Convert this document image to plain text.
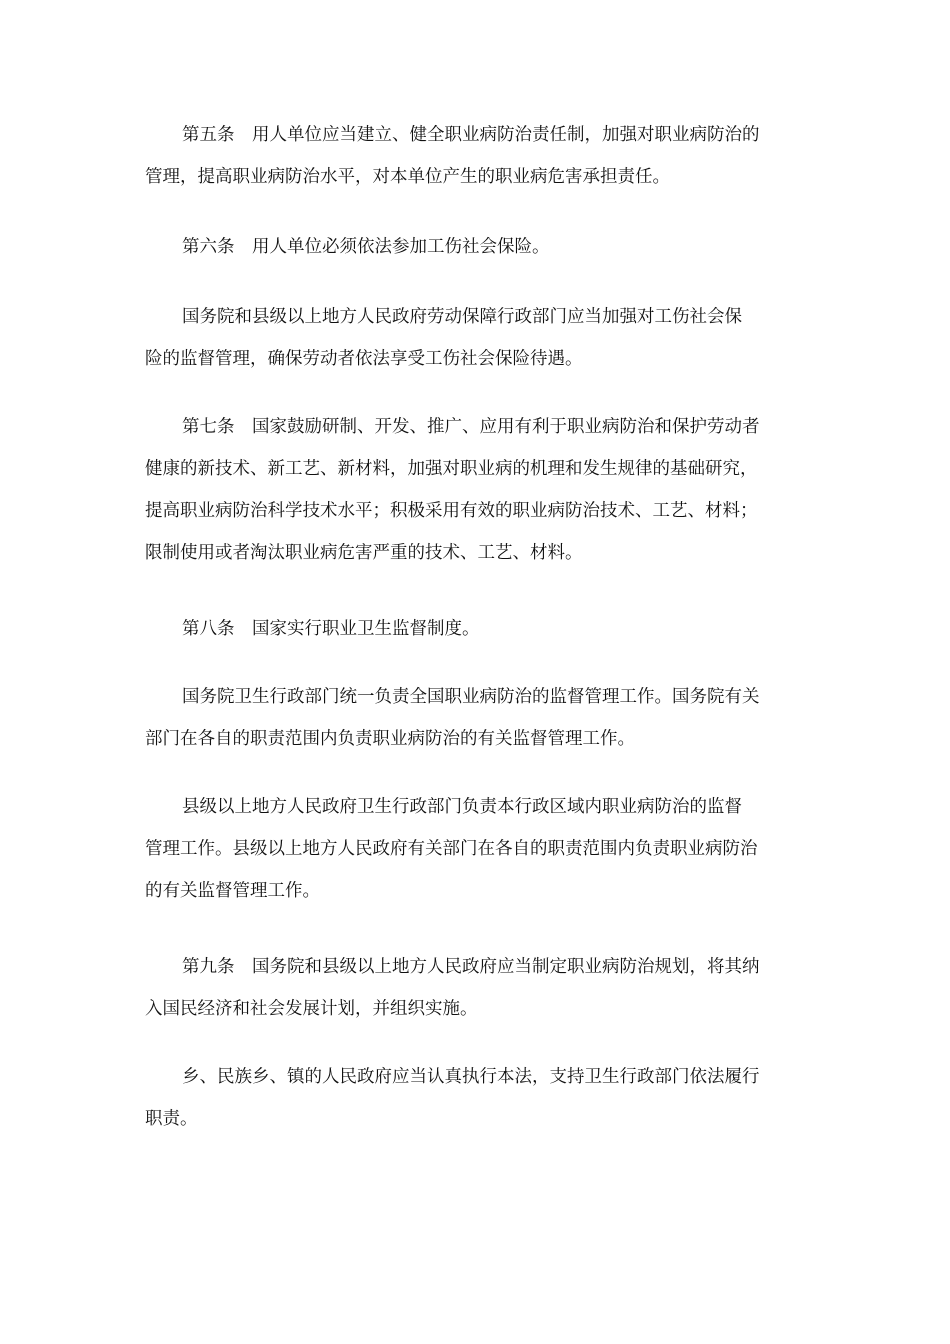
第五条　用人单位应当建立、健全职业病防治责任制，加强对职业病防治的
管理，提高职业病防治水平，对本单位产生的职业病危害承担责任。

第六条　用人单位必须依法参加工伤社会保险。

国务院和县级以上地方人民政府劳动保障行政部门应当加强对工伤社会保
险的监督管理，确保劳动者依法享受工伤社会保险待遇。

第七条　国家鼓励研制、开发、推广、应用有利于职业病防治和保护劳动者
健康的新技术、新工艺、新材料，加强对职业病的机理和发生规律的基础研究，
提高职业病防治科学技术水平；积极采用有效的职业病防治技术、工艺、材料；
限制使用或者淘汰职业病危害严重的技术、工艺、材料。

第八条　国家实行职业卫生监督制度。

国务院卫生行政部门统一负责全国职业病防治的监督管理工作。国务院有关
部门在各自的职责范围内负责职业病防治的有关监督管理工作。

县级以上地方人民政府卫生行政部门负责本行政区域内职业病防治的监督
管理工作。县级以上地方人民政府有关部门在各自的职责范围内负责职业病防治
的有关监督管理工作。

第九条　国务院和县级以上地方人民政府应当制定职业病防治规划，将其纳
入国民经济和社会发展计划，并组织实施。

乡、民族乡、镇的人民政府应当认真执行本法，支持卫生行政部门依法履行
职责。
